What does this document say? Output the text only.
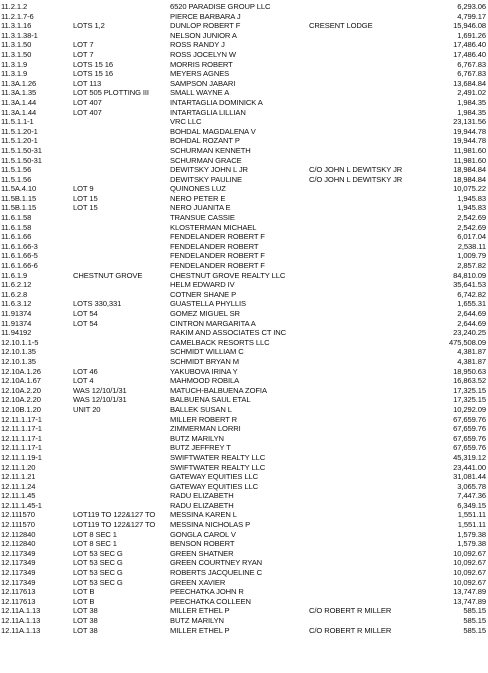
11.2.1.2	6520 PARADISE GROUP LLC	6,293.06
11.2.1.7-6	PIERCE BARBARA J	4,799.17
11.3.1.16	LOTS 1,2	DUNLOP ROBERT F	CRESENT LODGE	15,946.08
11.3.1.38-1	NELSON JUNIOR A	1,691.26
11.3.1.50	LOT 7	ROSS RANDY J	17,486.40
11.3.1.50	LOT 7	ROSS JOCELYN W	17,486.40
11.3.1.9	LOTS 15 16	MORRIS ROBERT	6,767.83
11.3.1.9	LOTS 15 16	MEYERS AGNES	6,767.83
11.3A.1.26	LOT 113	SAMPSON JABARI	13,684.84
11.3A.1.35	LOT 505 PLOTTING III	SMALL WAYNE A	2,491.02
11.3A.1.44	LOT 407	INTARTAGLIA DOMINICK A	1,984.35
11.3A.1.44	LOT 407	INTARTAGLIA LILLIAN	1,984.35
11.5.1.1-1	VRC LLC	23,131.56
11.5.1.20-1	BOHDAL MAGDALENA V	19,944.78
11.5.1.20-1	BOHDAL ROZANT P	19,944.78
11.5.1.50-31	SCHURMAN KENNETH	11,981.60
11.5.1.50-31	SCHURMAN GRACE	11,981.60
11.5.1.56	DEWITSKY JOHN L JR	C/O JOHN L DEWITSKY JR	18,984.84
11.5.1.56	DEWITSKY PAULINE	C/O JOHN L DEWITSKY JR	18,984.84
11.5A.4.10	LOT 9	QUINONES LUZ	10,075.22
11.5B.1.15	LOT 15	NERO PETER E	1,945.83
11.5B.1.15	LOT 15	NERO JUANITA E	1,945.83
11.6.1.58	TRANSUE CASSIE	2,542.69
11.6.1.58	KLOSTERMAN MICHAEL	2,542.69
11.6.1.66	FENDELANDER ROBERT F	6,017.04
11.6.1.66-3	FENDELANDER ROBERT	2,538.11
11.6.1.66-5	FENDELANDER ROBERT F	1,009.79
11.6.1.66-6	FENDELANDER ROBERT F	2,857.82
11.6.1.9	CHESTNUT GROVE	CHESTNUT GROVE REALTY LLC	84,810.09
11.6.2.12	HELM EDWARD IV	35,641.53
11.6.2.8	COTNER SHANE P	6,742.82
11.6.3.12	LOTS 330,331	GUASTELLA PHYLLIS	1,655.31
11.91374	LOT 54	GOMEZ MIGUEL SR	2,644.69
11.91374	LOT 54	CINTRON MARGARITA A	2,644.69
11.94192	RAKIM AND ASSOCIATES CT INC	23,240.25
12.10.1.1-5	CAMELBACK RESORTS LLC	475,508.09
12.10.1.35	SCHMIDT WILLIAM C	4,381.87
12.10.1.35	SCHMIDT BRYAN M	4,381.87
12.10A.1.26	LOT 46	YAKUBOVA IRINA Y	18,950.63
12.10A.1.67	LOT 4	MAHMOOD ROBILA	16,863.52
12.10A.2.20	WAS 12/10/1/31	MATUCH-BALBUENA ZOFIA	17,325.15
12.10A.2.20	WAS 12/10/1/31	BALBUENA SAUL ETAL	17,325.15
12.10B.1.20	UNIT 20	BALLEK SUSAN L	10,292.09
12.11.1.17-1	MILLER ROBERT R	67,659.76
12.11.1.17-1	ZIMMERMAN LORRI	67,659.76
12.11.1.17-1	BUTZ MARILYN	67,659.76
12.11.1.17-1	BUTZ JEFFREY T	67,659.76
12.11.1.19-1	SWIFTWATER REALTY LLC	45,319.12
12.11.1.20	SWIFTWATER REALTY LLC	23,441.00
12.11.1.21	GATEWAY EQUITIES LLC	31,081.44
12.11.1.24	GATEWAY EQUITIES LLC	3,065.78
12.11.1.45	RADU ELIZABETH	7,447.36
12.11.1.45-1	RADU ELIZABETH	6,349.15
12.111570	LOT119 TO 122&127 TO	MESSINA KAREN L	1,551.11
12.111570	LOT119 TO 122&127 TO	MESSINA NICHOLAS P	1,551.11
12.112840	LOT 8 SEC 1	GONGLA CAROL V	1,579.38
12.112840	LOT 8 SEC 1	BENSON ROBERT	1,579.38
12.117349	LOT 53 SEC G	GREEN SHATNER	10,092.67
12.117349	LOT 53 SEC G	GREEN COURTNEY RYAN	10,092.67
12.117349	LOT 53 SEC G	ROBERTS JACQUELINE C	10,092.67
12.117349	LOT 53 SEC G	GREEN XAVIER	10,092.67
12.117613	LOT B	PEECHATKA JOHN R	13,747.89
12.117613	LOT B	PEECHATKA COLLEEN	13,747.89
12.11A.1.13	LOT 38	MILLER ETHEL P	C/O ROBERT R MILLER	585.15
12.11A.1.13	LOT 38	BUTZ MARILYN	585.15
12.11A.1.13	LOT 38	MILLER ETHEL P	C/O ROBERT R MILLER	585.15
